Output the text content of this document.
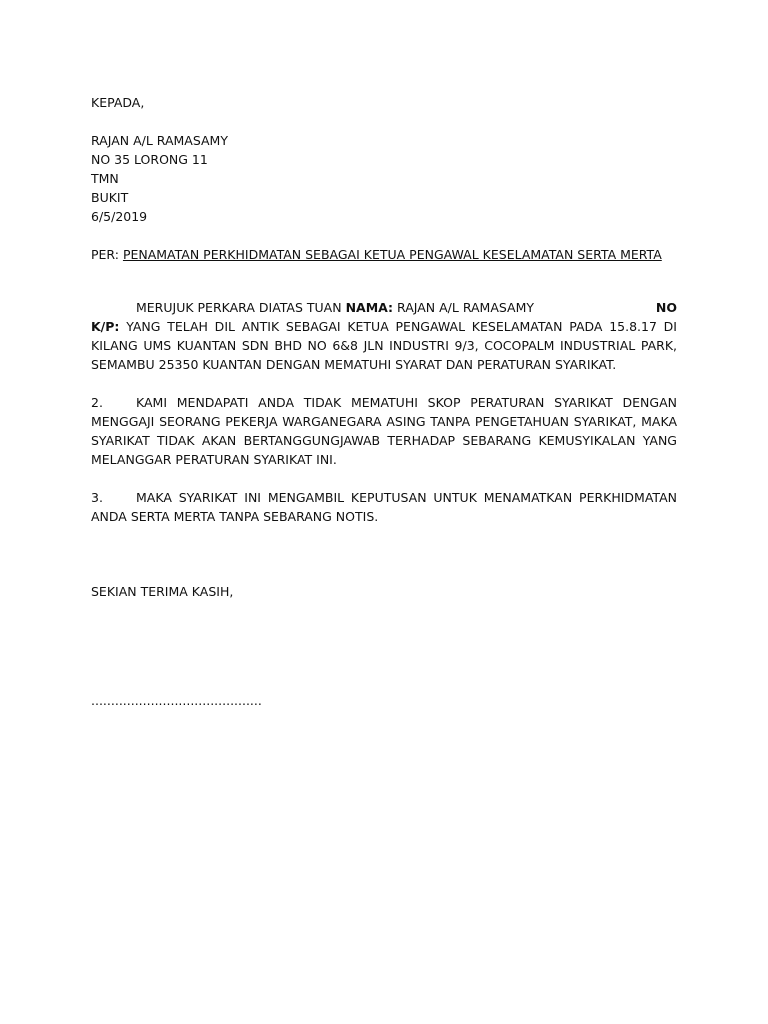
KEPADA,
RAJAN A/L RAMASAMY
NO 35 LORONG 11
TMN
BUKIT
6/5/2019
PER: PENAMATAN PERKHIDMATAN SEBAGAI KETUA PENGAWAL KESELAMATAN SERTA MERTA
MERUJUK PERKARA DIATAS TUAN NAMA: RAJAN A/L RAMASAMY	NO

K/P: YANG TELAH DIL ANTIK SEBAGAI KETUA PENGAWAL KESELAMATAN PADA 15.8.17 DI KILANG UMS KUANTAN SDN BHD NO 6&8 JLN INDUSTRI 9/3, COCOPALM INDUSTRIAL PARK, SEMAMBU 25350 KUANTAN DENGAN MEMATUHI SYARAT DAN PERATURAN SYARIKAT.
2.	KAMI MENDAPATI ANDA TIDAK MEMATUHI SKOP PERATURAN SYARIKAT DENGAN MENGGAJI SEORANG PEKERJA WARGANEGARA ASING TANPA PENGETAHUAN SYARIKAT, MAKA SYARIKAT TIDAK AKAN BERTANGGUNGJAWAB TERHADAP SEBARANG KEMUSYIKALAN YANG MELANGGAR PERATURAN SYARIKAT INI.
3.	MAKA SYARIKAT INI MENGAMBIL KEPUTUSAN UNTUK MENAMATKAN PERKHIDMATAN ANDA SERTA MERTA TANPA SEBARANG NOTIS.
SEKIAN TERIMA KASIH,
...........................................
